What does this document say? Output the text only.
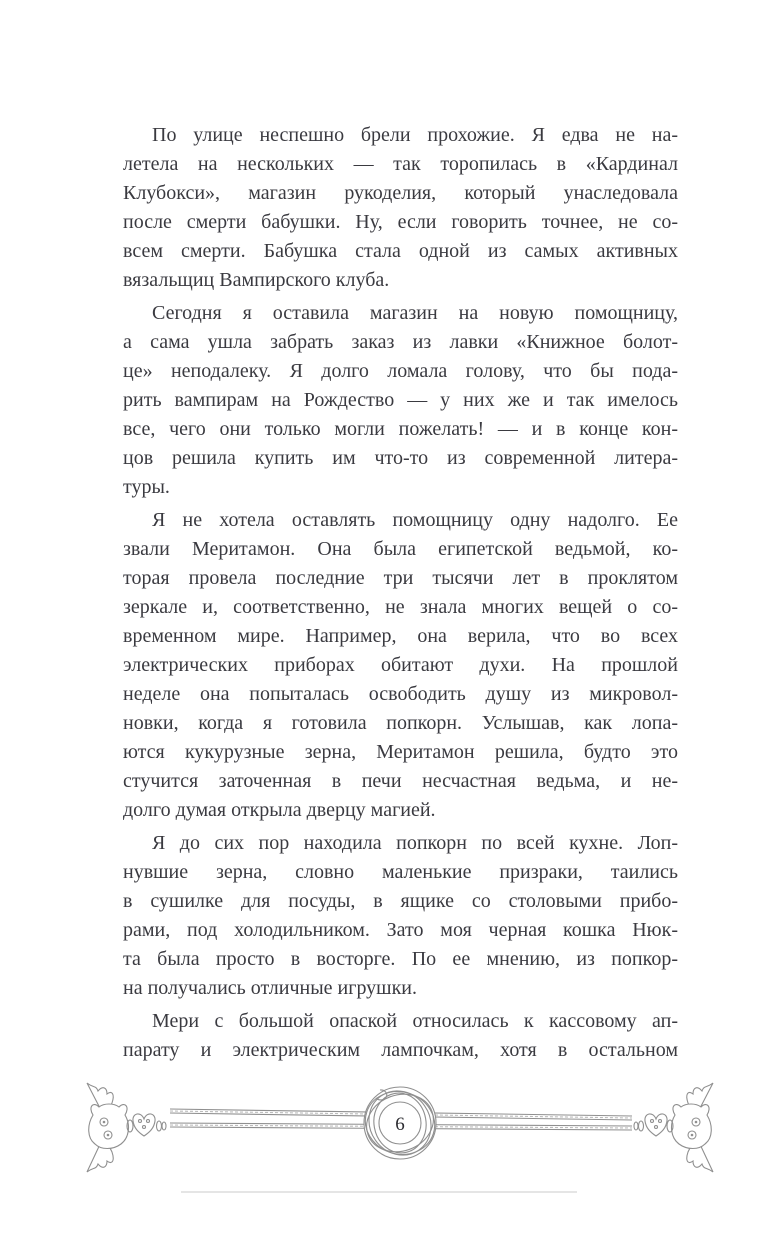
По улице неспешно брели прохожие. Я едва не на-
летела на нескольких — так торопилась в «Кардинал
Клубокси», магазин рукоделия, который унаследовала
после смерти бабушки. Ну, если говорить точнее, не со-
всем смерти. Бабушка стала одной из самых активных
вязальщиц Вампирского клуба.
Сегодня я оставила магазин на новую помощницу,
а сама ушла забрать заказ из лавки «Книжное болот-
це» неподалеку. Я долго ломала голову, что бы пода-
рить вампирам на Рождество — у них же и так имелось
все, чего они только могли пожелать! — и в конце кон-
цов решила купить им что-то из современной литера-
туры.
Я не хотела оставлять помощницу одну надолго. Ее
звали Меритамон. Она была египетской ведьмой, ко-
торая провела последние три тысячи лет в проклятом
зеркале и, соответственно, не знала многих вещей о со-
временном мире. Например, она верила, что во всех
электрических приборах обитают духи. На прошлой
неделе она попыталась освободить душу из микровол-
новки, когда я готовила попкорн. Услышав, как лопа-
ются кукурузные зерна, Меритамон решила, будто это
стучится заточенная в печи несчастная ведьма, и не-
долго думая открыла дверцу магией.
Я до сих пор находила попкорн по всей кухне. Лоп-
нувшие зерна, словно маленькие призраки, таились
в сушилке для посуды, в ящике со столовыми прибо-
рами, под холодильником. Зато моя черная кошка Нюк-
та была просто в восторге. По ее мнению, из попкор-
на получались отличные игрушки.
Мери с большой опаской относилась к кассовому ап-
парату и электрическим лампочкам, хотя в остальном
6
